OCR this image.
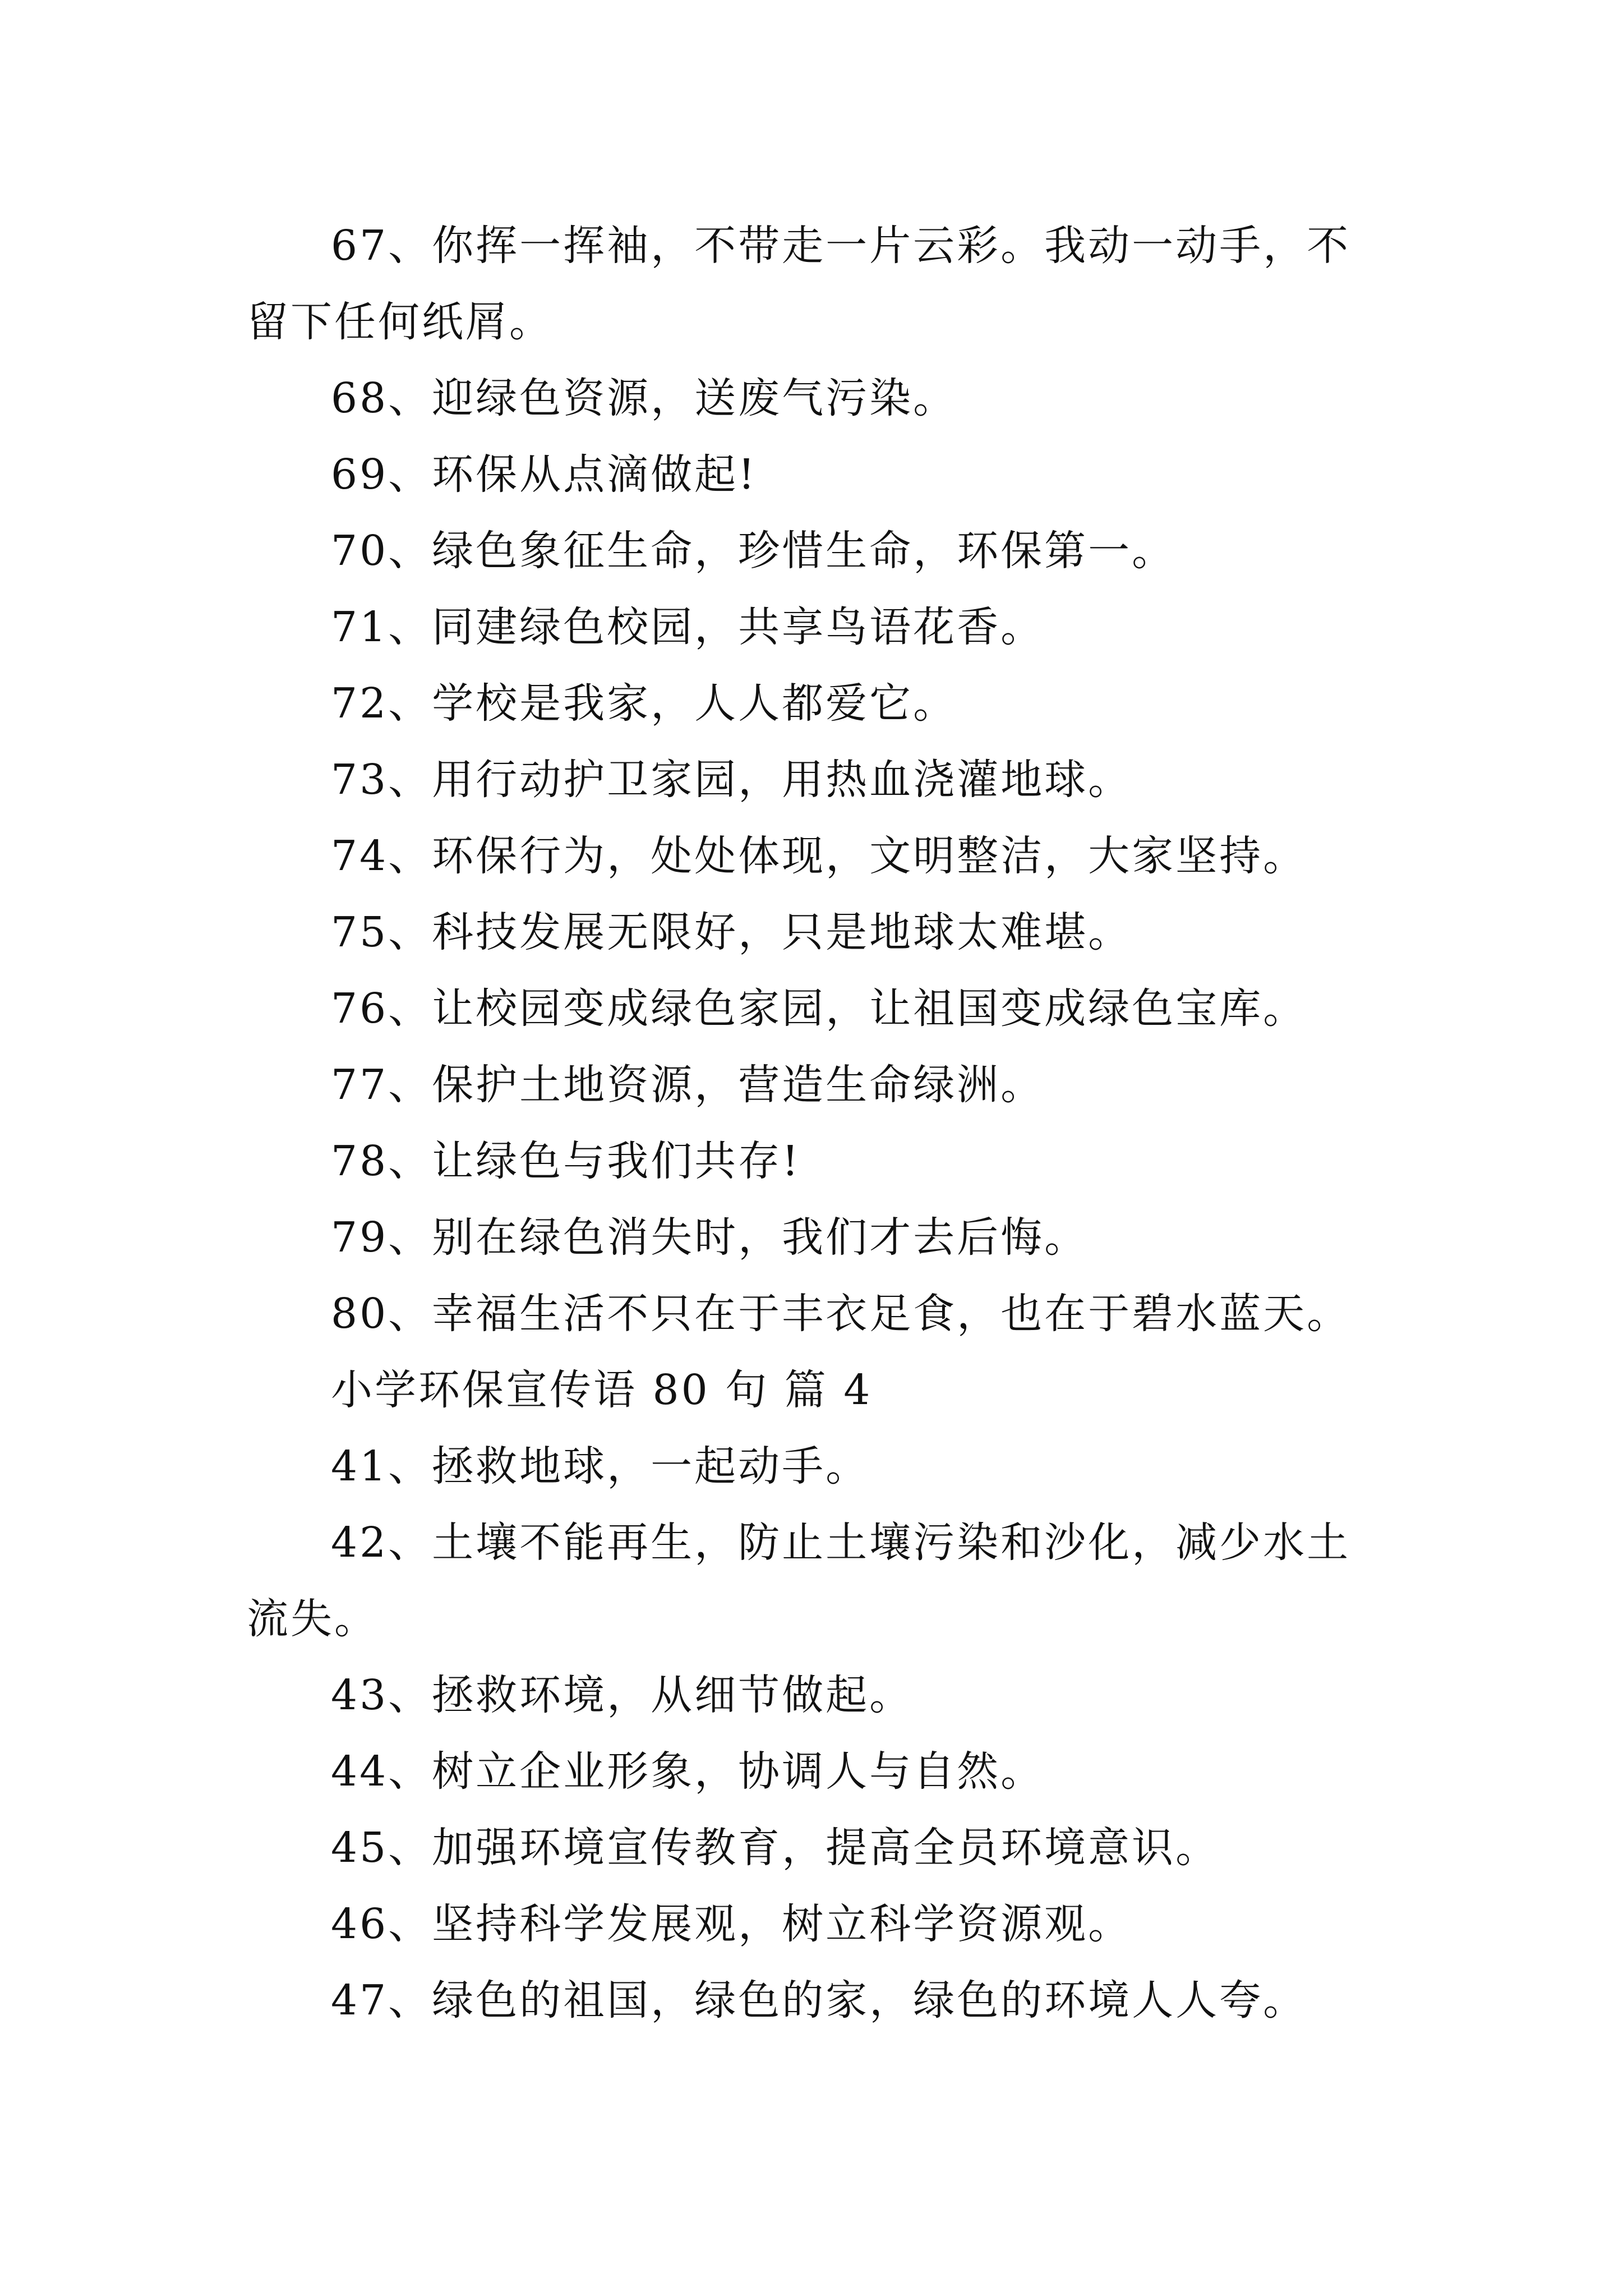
67、你挥一挥袖，不带走一片云彩。我动一动手，不留下任何纸屑。

68、迎绿色资源，送废气污染。

69、环保从点滴做起!

70、绿色象征生命，珍惜生命，环保第一。

71、同建绿色校园，共享鸟语花香。

72、学校是我家，人人都爱它。

73、用行动护卫家园，用热血浇灌地球。

74、环保行为，处处体现，文明整洁，大家坚持。

75、科技发展无限好，只是地球太难堪。

76、让校园变成绿色家园，让祖国变成绿色宝库。

77、保护土地资源，营造生命绿洲。

78、让绿色与我们共存!

79、别在绿色消失时，我们才去后悔。

80、幸福生活不只在于丰衣足食，也在于碧水蓝天。

小学环保宣传语 80 句 篇 4

41、拯救地球，一起动手。

42、土壤不能再生，防止土壤污染和沙化，减少水土流失。

43、拯救环境，从细节做起。

44、树立企业形象，协调人与自然。

45、加强环境宣传教育，提高全员环境意识。

46、坚持科学发展观，树立科学资源观。

47、绿色的祖国，绿色的家，绿色的环境人人夸。
